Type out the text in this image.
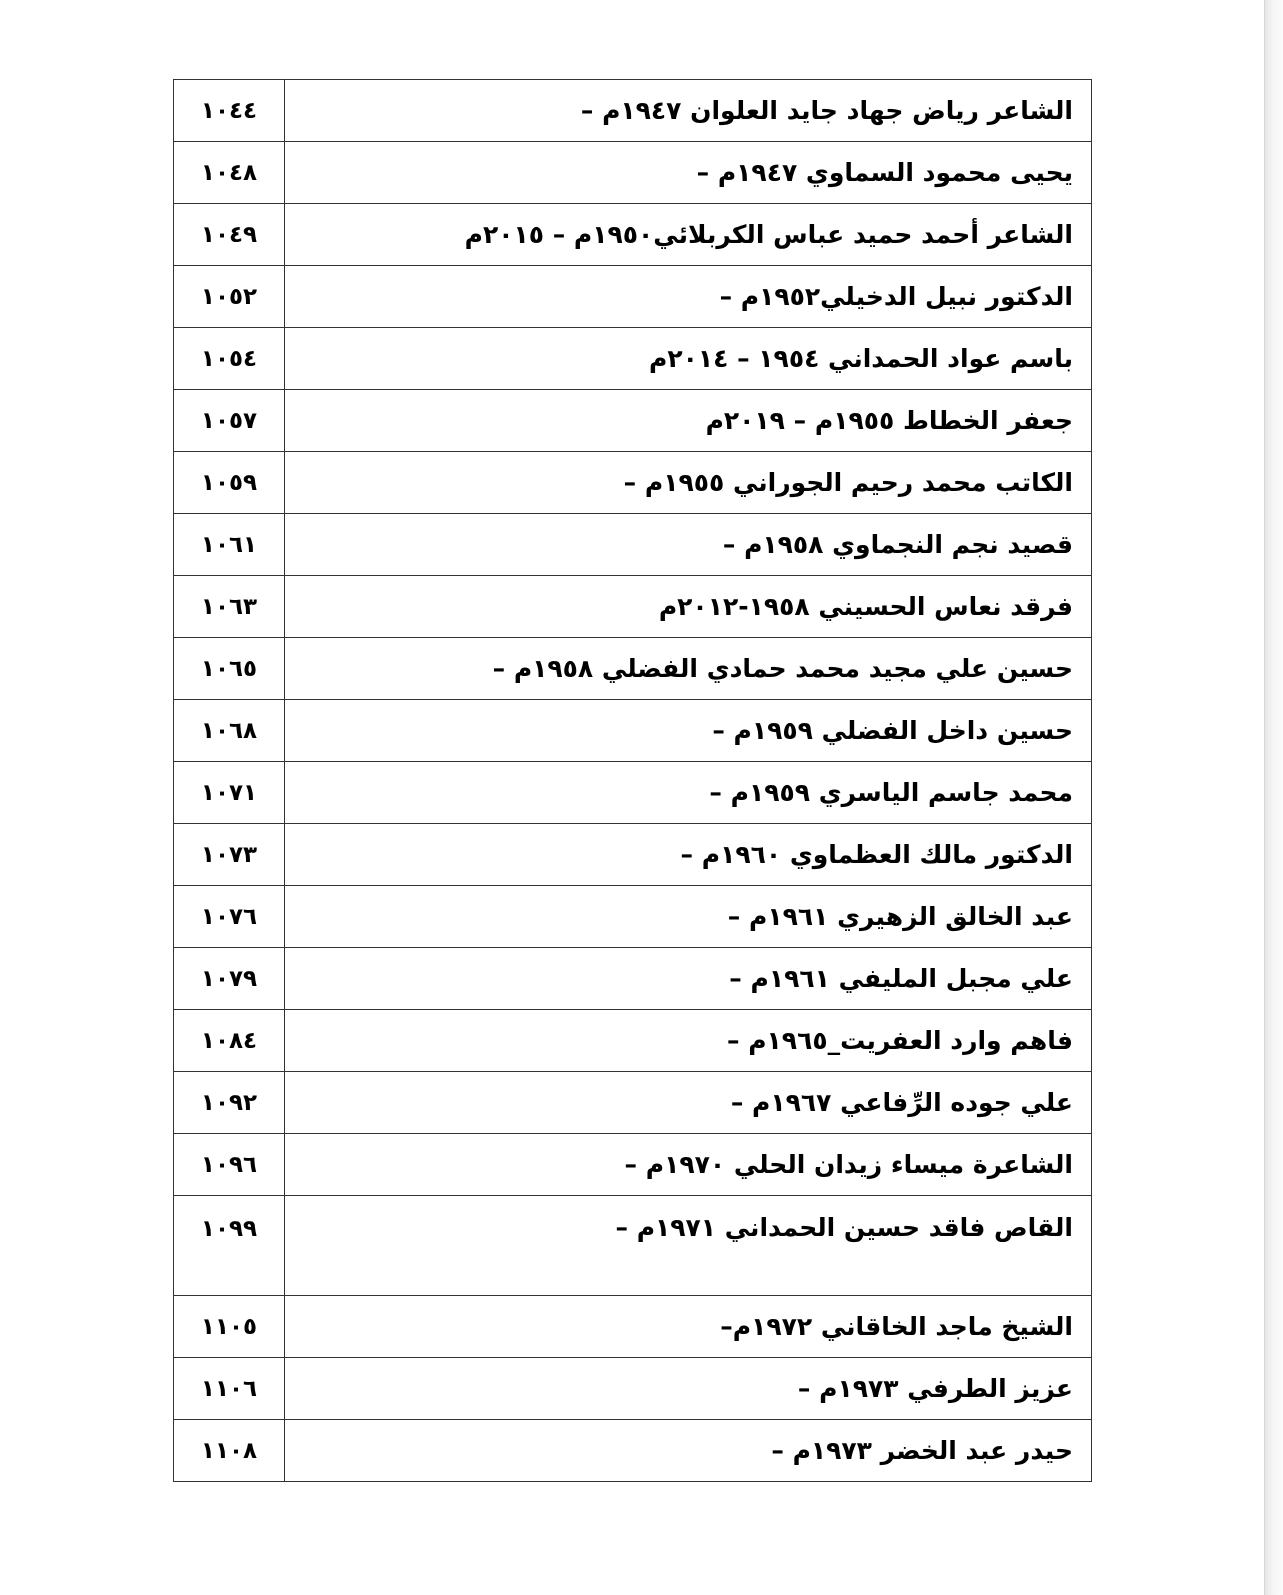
١٠٤٤	الشاعر رياض جهاد جايد العلوان ١٩٤٧م –
١٠٤٨	يحيى محمود السماوي ١٩٤٧م –
١٠٤٩	الشاعر أحمد حميد عباس الكربلائي١٩٥٠م – ٢٠١٥م
١٠٥٢	الدكتور نبيل الدخيلي١٩٥٢م –
١٠٥٤	باسم عواد الحمداني ١٩٥٤ – ٢٠١٤م
١٠٥٧	جعفر الخطاط ١٩٥٥م – ٢٠١٩م
١٠٥٩	الكاتب محمد رحيم الجوراني ١٩٥٥م –
١٠٦١	قصيد نجم النجماوي ١٩٥٨م –
١٠٦٣	فرقد نعاس الحسيني ١٩٥٨-٢٠١٢م
١٠٦٥	حسين علي مجيد محمد حمادي الفضلي ١٩٥٨م –
١٠٦٨	حسين داخل الفضلي ١٩٥٩م –
١٠٧١	محمد جاسم الياسري ١٩٥٩م –
١٠٧٣	الدكتور مالك العظماوي ١٩٦٠م –
١٠٧٦	عبد الخالق الزهيري ١٩٦١م –
١٠٧٩	علي مجبل المليفي ١٩٦١م –
١٠٨٤	فاهم وارد العفريت_١٩٦٥م –
١٠٩٢	علي جوده الرِّفاعي ١٩٦٧م –
١٠٩٦	الشاعرة ميساء زيدان الحلي ١٩٧٠م –
١٠٩٩	القاص فاقد حسين الحمداني ١٩٧١م –
١١٠٥	الشيخ ماجد الخاقاني ١٩٧٢م–
١١٠٦	عزيز الطرفي ١٩٧٣م –
١١٠٨	حيدر عبد الخضر ١٩٧٣م –
